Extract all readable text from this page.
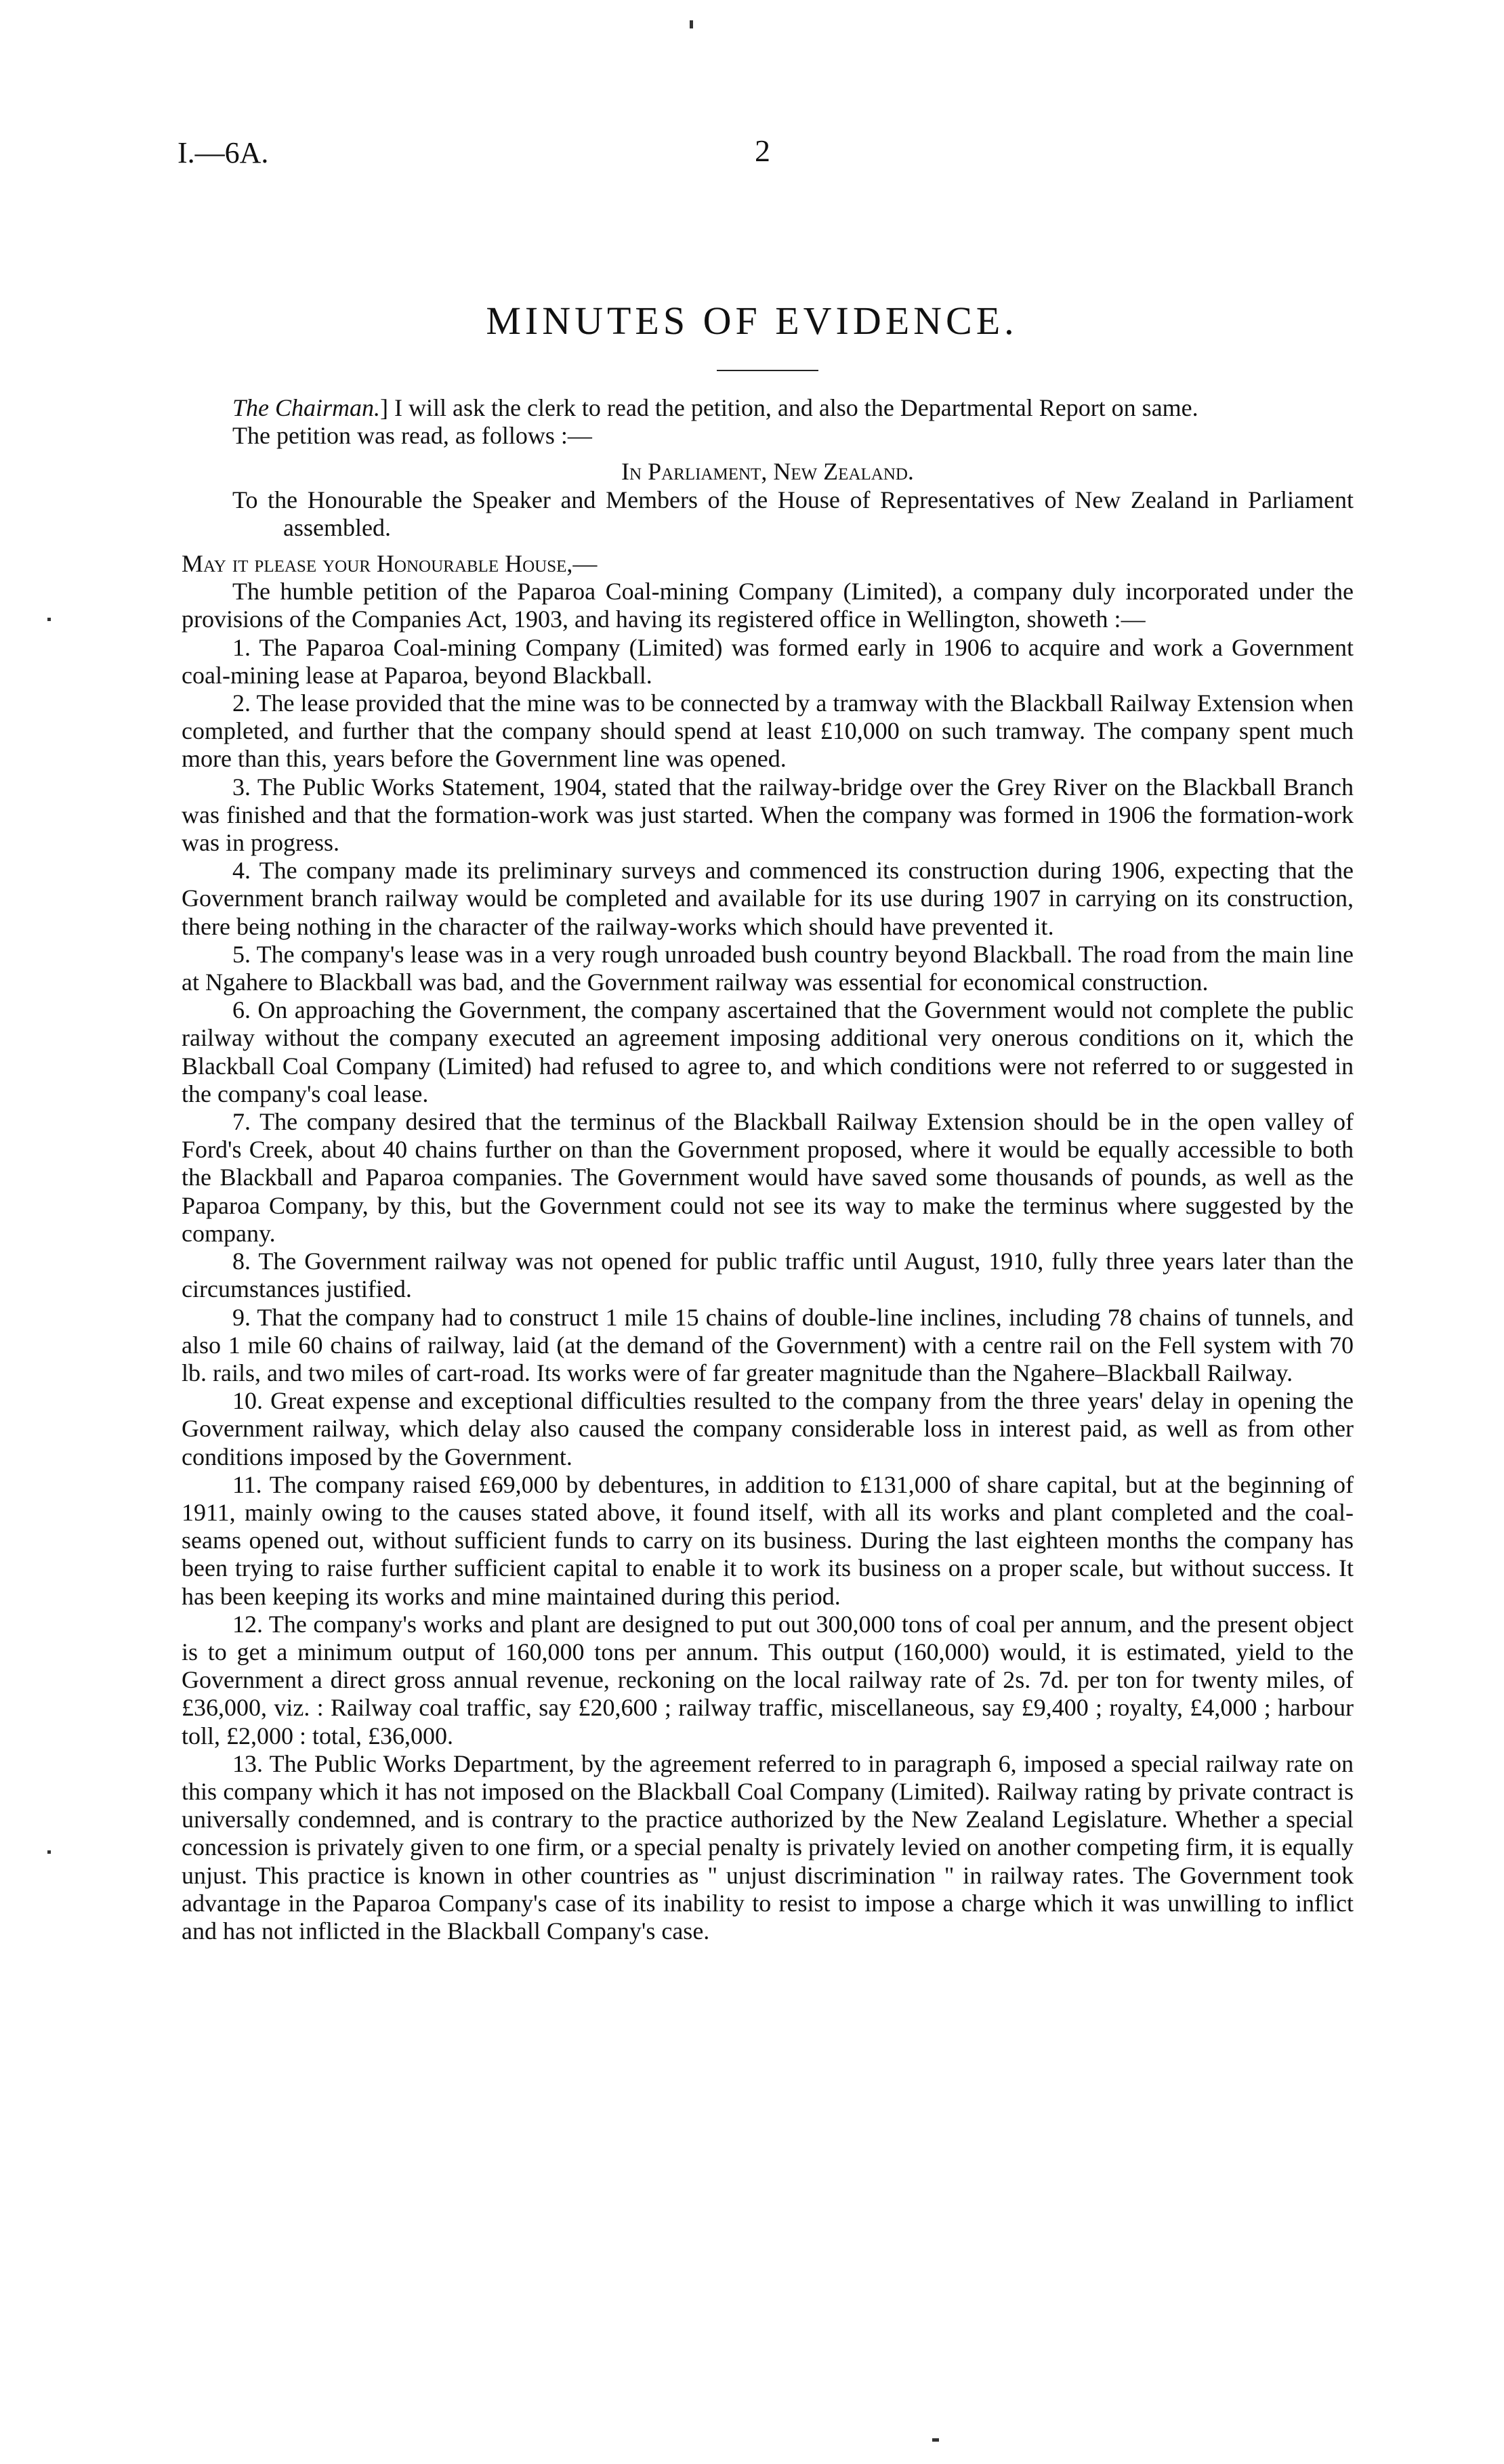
I.—6A.	2
MINUTES OF EVIDENCE.

The Chairman.] I will ask the clerk to read the petition, and also the Departmental Report on same.

The petition was read, as follows :—

In Parliament, New Zealand.

To the Honourable the Speaker and Members of the House of Representatives of New Zealand in Parliament assembled.

May it please your Honourable House,—

The humble petition of the Paparoa Coal-mining Company (Limited), a company duly incorporated under the provisions of the Companies Act, 1903, and having its registered office in Wellington, showeth :—

1. The Paparoa Coal-mining Company (Limited) was formed early in 1906 to acquire and work a Government coal-mining lease at Paparoa, beyond Blackball.

2. The lease provided that the mine was to be connected by a tramway with the Blackball Railway Extension when completed, and further that the company should spend at least £10,000 on such tramway. The company spent much more than this, years before the Government line was opened.

3. The Public Works Statement, 1904, stated that the railway-bridge over the Grey River on the Blackball Branch was finished and that the formation-work was just started. When the company was formed in 1906 the formation-work was in progress.

4. The company made its preliminary surveys and commenced its construction during 1906, expecting that the Government branch railway would be completed and available for its use during 1907 in carrying on its construction, there being nothing in the character of the railway-works which should have prevented it.

5. The company's lease was in a very rough unroaded bush country beyond Blackball. The road from the main line at Ngahere to Blackball was bad, and the Government railway was essential for economical construction.

6. On approaching the Government, the company ascertained that the Government would not complete the public railway without the company executed an agreement imposing additional very onerous conditions on it, which the Blackball Coal Company (Limited) had refused to agree to, and which conditions were not referred to or suggested in the company's coal lease.

7. The company desired that the terminus of the Blackball Railway Extension should be in the open valley of Ford's Creek, about 40 chains further on than the Government proposed, where it would be equally accessible to both the Blackball and Paparoa companies. The Government would have saved some thousands of pounds, as well as the Paparoa Company, by this, but the Government could not see its way to make the terminus where suggested by the company.

8. The Government railway was not opened for public traffic until August, 1910, fully three years later than the circumstances justified.

9. That the company had to construct 1 mile 15 chains of double-line inclines, including 78 chains of tunnels, and also 1 mile 60 chains of railway, laid (at the demand of the Government) with a centre rail on the Fell system with 70 lb. rails, and two miles of cart-road. Its works were of far greater magnitude than the Ngahere–Blackball Railway.

10. Great expense and exceptional difficulties resulted to the company from the three years' delay in opening the Government railway, which delay also caused the company considerable loss in interest paid, as well as from other conditions imposed by the Government.

11. The company raised £69,000 by debentures, in addition to £131,000 of share capital, but at the beginning of 1911, mainly owing to the causes stated above, it found itself, with all its works and plant completed and the coal-seams opened out, without sufficient funds to carry on its business. During the last eighteen months the company has been trying to raise further sufficient capital to enable it to work its business on a proper scale, but without success. It has been keeping its works and mine maintained during this period.

12. The company's works and plant are designed to put out 300,000 tons of coal per annum, and the present object is to get a minimum output of 160,000 tons per annum. This output (160,000) would, it is estimated, yield to the Government a direct gross annual revenue, reckoning on the local railway rate of 2s. 7d. per ton for twenty miles, of £36,000, viz. : Railway coal traffic, say £20,600 ; railway traffic, miscellaneous, say £9,400 ; royalty, £4,000 ; harbour toll, £2,000 : total, £36,000.

13. The Public Works Department, by the agreement referred to in paragraph 6, imposed a special railway rate on this company which it has not imposed on the Blackball Coal Company (Limited). Railway rating by private contract is universally condemned, and is contrary to the practice authorized by the New Zealand Legislature. Whether a special concession is privately given to one firm, or a special penalty is privately levied on another competing firm, it is equally unjust. This practice is known in other countries as " unjust discrimination " in railway rates. The Government took advantage in the Paparoa Company's case of its inability to resist to impose a charge which it was unwilling to inflict and has not inflicted in the Blackball Company's case.
